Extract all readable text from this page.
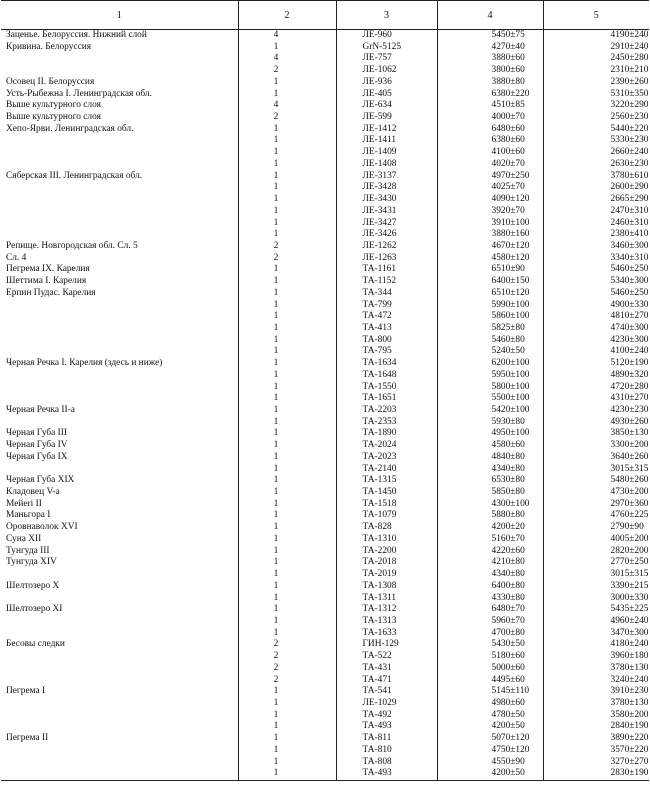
1	2	3	4	5
Заценье. Белоруссия. Нижний слой	4	ЛЕ-960	5450±75	4190±240
Кривина. Белоруссия	1	GrN-5125	4270±40	2910±240
	4	ЛЕ-757	3880±60	2450±280
	2	ЛЕ-1062	3800±60	2310±210
Осовец II. Белоруссия	1	ЛЕ-936	3880±80	2390±260
Усть-Рыбежна I. Ленинградская обл.	1	ЛЕ-405	6380±220	5310±350
Выше культурного слоя	4	ЛЕ-634	4510±85	3220±290
Выше культурного слоя	2	ЛЕ-599	4000±70	2560±230
Хепо-Ярви. Ленинградская обл.	1	ЛЕ-1412	6480±60	5440±220
	1	ЛЕ-1411	6380±60	5330±230
	1	ЛЕ-1409	4100±60	2660±240
	1	ЛЕ-1408	4020±70	2630±230
Сяберская III. Ленинградская обл.	1	ЛЕ-3137	4970±250	3780±610
	1	ЛЕ-3428	4025±70	2600±290
	1	ЛЕ-3430	4090±120	2665±290
	1	ЛЕ-3431	3920±70	2470±310
	1	ЛЕ-3427	3910±100	2460±310
	1	ЛЕ-3426	3880±160	2380±410
Репище. Новгородская обл. Сл. 5	2	ЛЕ-1262	4670±120	3460±300
Сл. 4	2	ЛЕ-1263	4580±120	3340±310
Пегрема IX. Карелия	1	ТА-1161	6510±90	5460±250
Шеттима I. Карелия	1	ТА-1152	6400±150	5340±300
Ерпин Пудас. Карелия	1	ТА-344	6510±120	5460±250
	1	ТА-799	5990±100	4900±330
	1	ТА-472	5860±100	4810±270
	1	ТА-413	5825±80	4740±300
	1	ТА-800	5460±80	4230±300
	1	ТА-795	5240±50	4100±240
Черная Речка I. Карелия (здесь и ниже)	1	ТА-1634	6200±100	5120±190
	1	ТА-1648	5950±100	4890±320
	1	ТА-1550	5800±100	4720±280
	1	ТА-1651	5500±100	4310±270
Черная Речка II-а	1	ТА-2203	5420±100	4230±230
	1	ТА-2353	5930±80	4930±260
Черная Губа III	1	ТА-1890	4950±100	3850±130
Черная Губа IV	1	ТА-2024	4580±60	3300±200
Черная Губа IX	1	ТА-2023	4840±80	3640±260
	1	ТА-2140	4340±80	3015±315
Черная Губа XIX	1	ТА-1315	6530±80	5480±260
Кладовец V-а	1	ТА-1450	5850±80	4730±200
Мейеri II	1	ТА-1518	4300±100	2970±360
Маньгора I	1	ТА-1079	5880±80	4760±225
Оровнаволок XVI	1	ТА-828	4200±20	2790±90
Суна XII	1	ТА-1310	5160±70	4005±200
Тунгуда III	1	ТА-2200	4220±60	2820±200
Тунгуда XIV	1	ТА-2018	4210±80	2770±250
	1	ТА-2019	4340±80	3015±315
Шелтозеро X	1	ТА-1308	6400±80	3390±215
	1	ТА-1311	4330±80	3000±330
Шелтозеро XI	1	ТА-1312	6480±70	5435±225
	1	ТА-1313	5960±70	4960±240
	1	ТА-1633	4700±80	3470±300
Бесовы следки	2	ГИН-129	5430±50	4180±240
	2	ТА-522	5180±60	3960±180
	2	ТА-431	5000±60	3780±130
	2	ТА-471	4495±60	3240±240
Пегрема I	1	ТА-541	5145±110	3910±230
	1	ЛЕ-1029	4980±60	3780±130
	1	ТА-492	4780±50	3580±200
	1	ТА-493	4200±50	2840±190
Пегрема II	1	ТА-811	5070±120	3890±220
	1	ТА-810	4750±120	3570±220
	1	ТА-808	4550±90	3270±270
	1	ТА-493	4200±50	2830±190
